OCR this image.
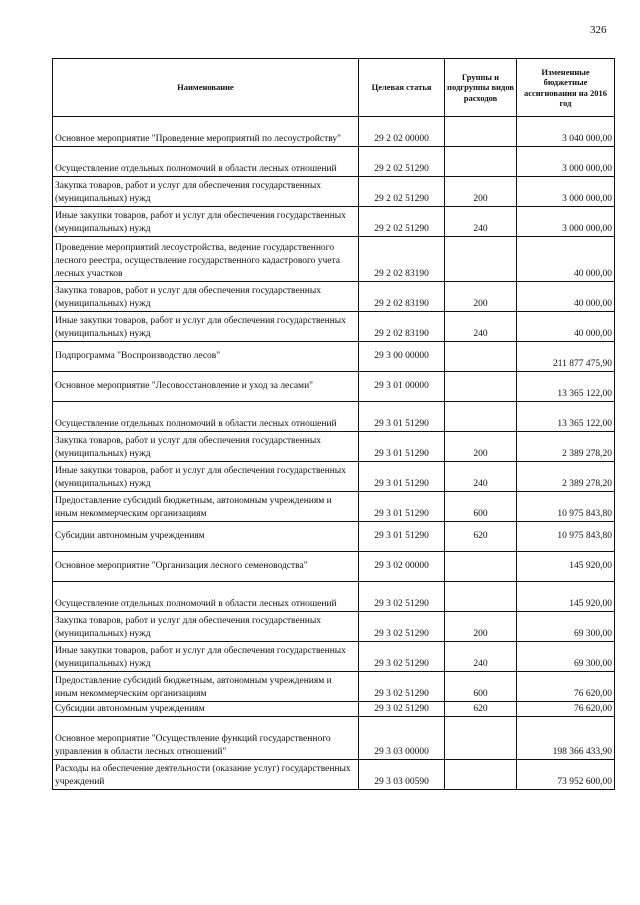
326
Наименование	Целевая статья	Группы и подгруппы видов расходов	Измененные бюджетные ассигнования на 2016 год
Основное мероприятие "Проведение мероприятий по лесоустройству"	29 2 02 00000		3 040 000,00
Осуществление отдельных полномочий в области лесных отношений	29 2 02 51290		3 000 000,00
Закупка товаров, работ и услуг для обеспечения государственных (муниципальных) нужд	29 2 02 51290	200	3 000 000,00
Иные закупки товаров, работ и услуг для обеспечения государственных (муниципальных) нужд	29 2 02 51290	240	3 000 000,00
Проведение мероприятий лесоустройства, ведение государственного лесного реестра, осуществление государственного кадастрового учета лесных участков	29 2 02 83190		40 000,00
Закупка товаров, работ и услуг для обеспечения государственных (муниципальных) нужд	29 2 02 83190	200	40 000,00
Иные закупки товаров, работ и услуг для обеспечения государственных (муниципальных) нужд	29 2 02 83190	240	40 000,00
Подпрограмма "Воспроизводство лесов"	29 3 00 00000		211 877 475,90
Основное мероприятие "Лесовосстановление и уход за лесами"	29 3 01 00000		13 365 122,00
Осуществление отдельных полномочий в области лесных отношений	29 3 01 51290		13 365 122,00
Закупка товаров, работ и услуг для обеспечения государственных (муниципальных) нужд	29 3 01 51290	200	2 389 278,20
Иные закупки товаров, работ и услуг для обеспечения государственных (муниципальных) нужд	29 3 01 51290	240	2 389 278,20
Предоставление субсидий бюджетным, автономным учреждениям и иным некоммерческим организациям	29 3 01 51290	600	10 975 843,80
Субсидии автономным учреждениям	29 3 01 51290	620	10 975 843,80
Основное мероприятие "Организация лесного семеноводства"	29 3 02 00000		145 920,00
Осуществление отдельных полномочий в области лесных отношений	29 3 02 51290		145 920,00
Закупка товаров, работ и услуг для обеспечения государственных (муниципальных) нужд	29 3 02 51290	200	69 300,00
Иные закупки товаров, работ и услуг для обеспечения государственных (муниципальных) нужд	29 3 02 51290	240	69 300,00
Предоставление субсидий бюджетным, автономным учреждениям и иным некоммерческим организациям	29 3 02 51290	600	76 620,00
Субсидии автономным учреждениям	29 3 02 51290	620	76 620,00
Основное мероприятие "Осуществление функций государственного управления в области лесных отношений"	29 3 03 00000		198 366 433,90
Расходы на обеспечение деятельности (оказание услуг) государственных учреждений	29 3 03 00590		73 952 600,00
